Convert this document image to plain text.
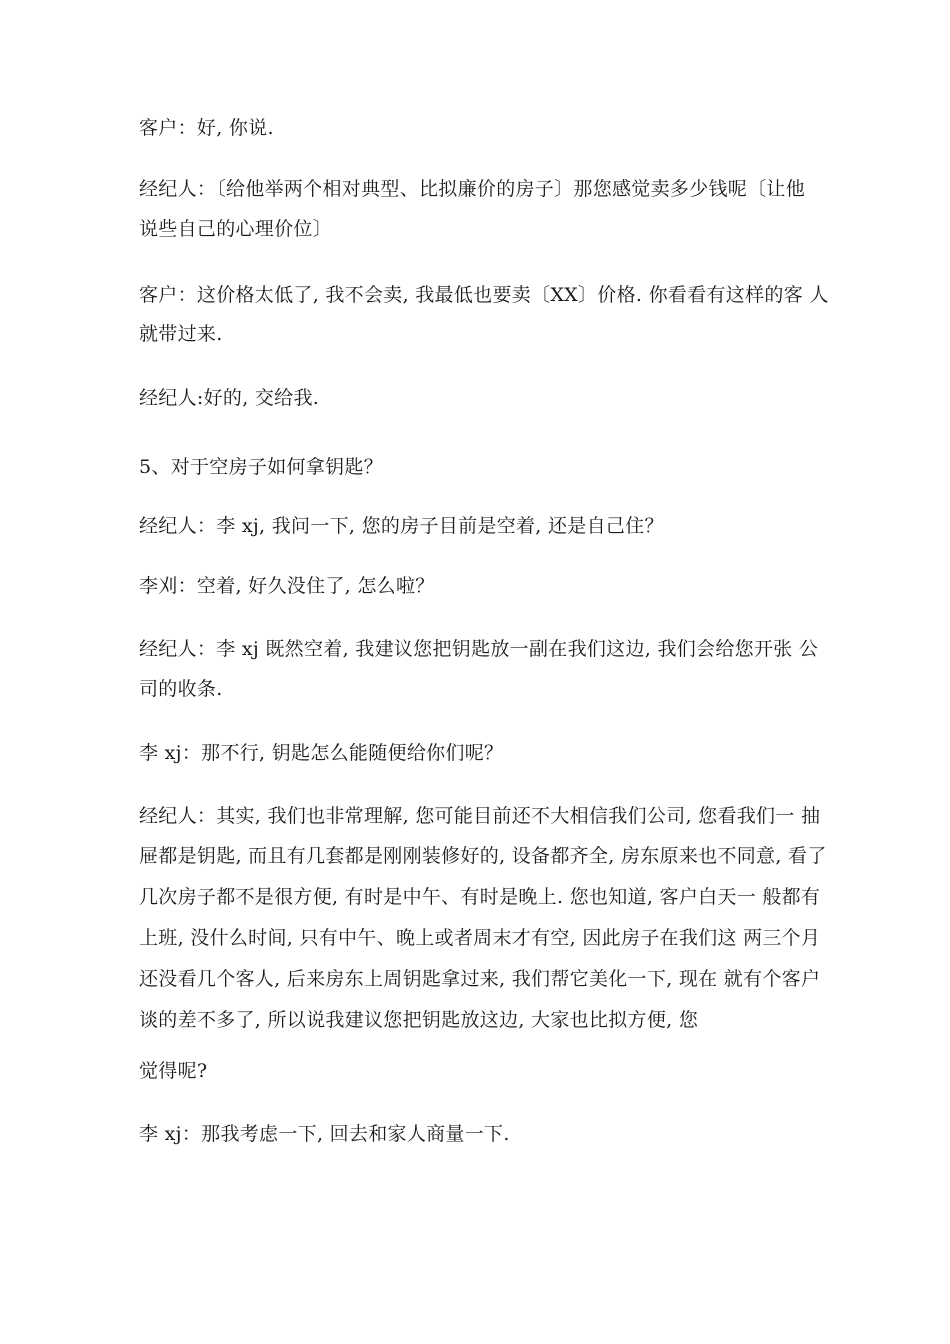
客户：好, 你说.
经纪人：〔给他举两个相对典型、比拟廉价的房子〕那您感觉卖多少钱呢〔让他
说些自己的心理价位〕
客户：这价格太低了, 我不会卖, 我最低也要卖〔XX〕价格. 你看看有这样的客 人
就带过来.
经纪人:好的, 交给我.
5、对于空房子如何拿钥匙？
经纪人：李 xj, 我问一下, 您的房子目前是空着, 还是自己住？
李刈：空着, 好久没住了, 怎么啦？
经纪人：李 xj 既然空着, 我建议您把钥匙放一副在我们这边, 我们会给您开张 公
司的收条.
李 xj：那不行, 钥匙怎么能随便给你们呢？
经纪人：其实, 我们也非常理解, 您可能目前还不大相信我们公司, 您看我们一 抽
屉都是钥匙, 而且有几套都是刚刚装修好的, 设备都齐全, 房东原来也不同意, 看了
几次房子都不是很方便, 有时是中午、有时是晚上. 您也知道, 客户白天一 般都有
上班, 没什么时间, 只有中午、晚上或者周末才有空, 因此房子在我们这 两三个月
还没看几个客人, 后来房东上周钥匙拿过来, 我们帮它美化一下, 现在 就有个客户
谈的差不多了, 所以说我建议您把钥匙放这边, 大家也比拟方便, 您
觉得呢?
李 xj：那我考虑一下, 回去和家人商量一下.
